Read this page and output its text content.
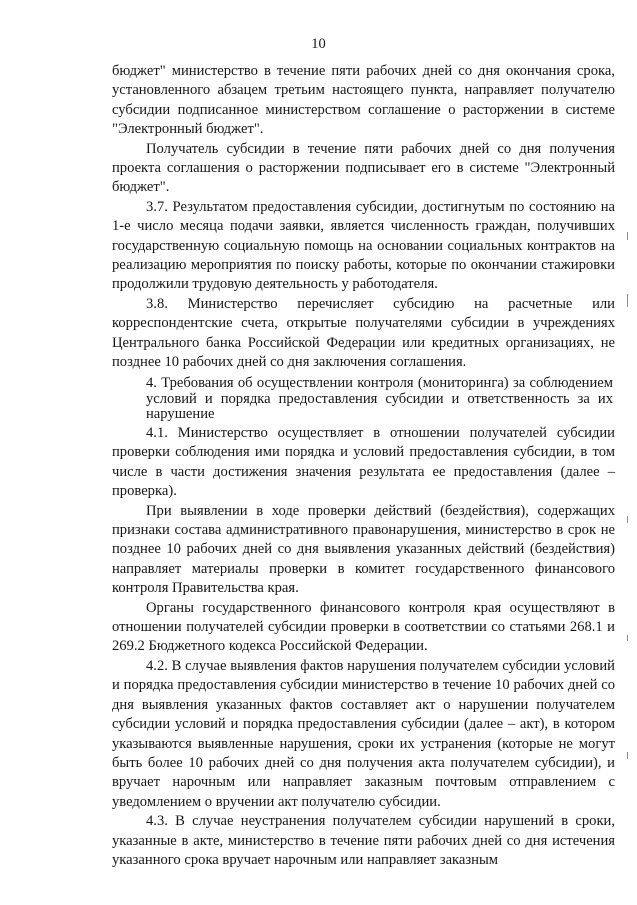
10

бюджет" министерство в течение пяти рабочих дней со дня окончания срока, установленного абзацем третьим настоящего пункта, направляет получателю субсидии подписанное министерством соглашение о расторжении в системе "Электронный бюджет".

Получатель субсидии в течение пяти рабочих дней со дня получения проекта соглашения о расторжении подписывает его в системе "Электронный бюджет".

3.7. Результатом предоставления субсидии, достигнутым по состоянию на 1-е число месяца подачи заявки, является численность граждан, получивших государственную социальную помощь на основании социальных контрактов на реализацию мероприятия по поиску работы, которые по окончании стажировки продолжили трудовую деятельность у работодателя.

3.8. Министерство перечисляет субсидию на расчетные или корреспондентские счета, открытые получателями субсидии в учреждениях Центрального банка Российской Федерации или кредитных организациях, не позднее 10 рабочих дней со дня заключения соглашения.

4. Требования об осуществлении контроля (мониторинга) за соблюдением условий и порядка предоставления субсидии и ответственность за их нарушение

4.1. Министерство осуществляет в отношении получателей субсидии проверки соблюдения ими порядка и условий предоставления субсидии, в том числе в части достижения значения результата ее предоставления (далее – проверка).

При выявлении в ходе проверки действий (бездействия), содержащих признаки состава административного правонарушения, министерство в срок не позднее 10 рабочих дней со дня выявления указанных действий (бездействия) направляет материалы проверки в комитет государственного финансового контроля Правительства края.

Органы государственного финансового контроля края осуществляют в отношении получателей субсидии проверки в соответствии со статьями 268.1 и 269.2 Бюджетного кодекса Российской Федерации.

4.2. В случае выявления фактов нарушения получателем субсидии условий и порядка предоставления субсидии министерство в течение 10 рабочих дней со дня выявления указанных фактов составляет акт о нарушении получателем субсидии условий и порядка предоставления субсидии (далее – акт), в котором указываются выявленные нарушения, сроки их устранения (которые не могут быть более 10 рабочих дней со дня получения акта получателем субсидии), и вручает нарочным или направляет заказным почтовым отправлением с уведомлением о вручении акт получателю субсидии.

4.3. В случае неустранения получателем субсидии нарушений в сроки, указанные в акте, министерство в течение пяти рабочих дней со дня истечения указанного срока вручает нарочным или направляет заказным
